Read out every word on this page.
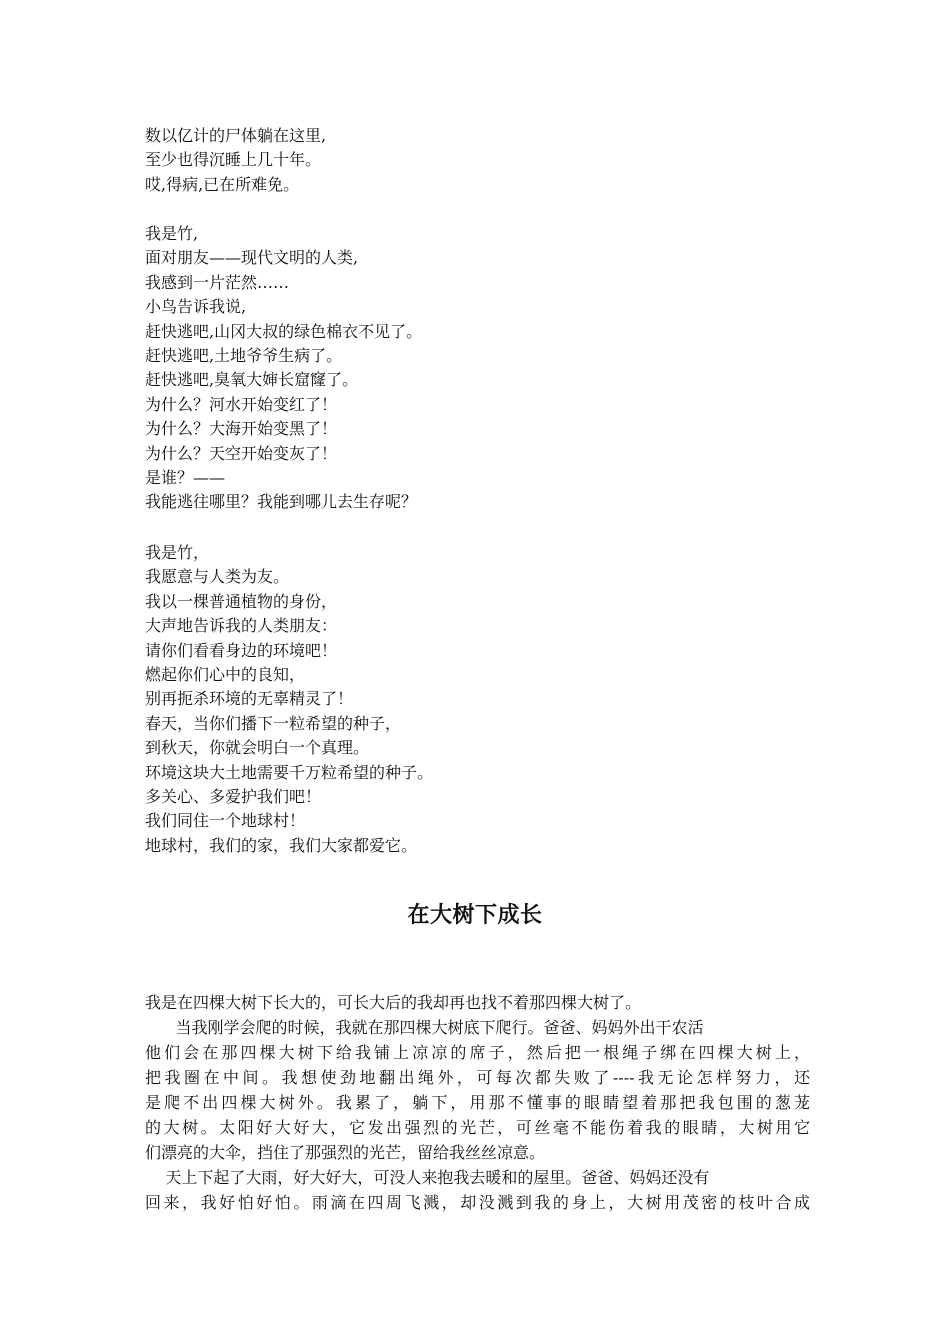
数以亿计的尸体躺在这里,
至少也得沉睡上几十年。
哎,得病,已在所难免。
我是竹,
面对朋友——现代文明的人类,
我感到一片茫然……
小鸟告诉我说,
赶快逃吧,山冈大叔的绿色棉衣不见了。
赶快逃吧,土地爷爷生病了。
赶快逃吧,臭氧大婶长窟窿了。
为什么？河水开始变红了！
为什么？大海开始变黑了！
为什么？天空开始变灰了！
是谁？——
我能逃往哪里？我能到哪儿去生存呢？
我是竹，
我愿意与人类为友。
我以一棵普通植物的身份，
大声地告诉我的人类朋友：
请你们看看身边的环境吧！
燃起你们心中的良知，
别再扼杀环境的无辜精灵了！
春天，当你们播下一粒希望的种子，
到秋天，你就会明白一个真理。
环境这块大土地需要千万粒希望的种子。
多关心、多爱护我们吧！
我们同住一个地球村！
地球村，我们的家，我们大家都爱它。
在大树下成长
我是在四棵大树下长大的，可长大后的我却再也找不着那四棵大树了。
当我刚学会爬的时候，我就在那四棵大树底下爬行。爸爸、妈妈外出干农活
他们会在那四棵大树下给我铺上凉凉的席子，然后把一根绳子绑在四棵大树上，
把我圈在中间。我想使劲地翻出绳外，可每次都失败了----我无论怎样努力，还
是爬不出四棵大树外。我累了，躺下，用那不懂事的眼睛望着那把我包围的葱茏
的大树。太阳好大好大，它发出强烈的光芒，可丝毫不能伤着我的眼睛，大树用它
们漂亮的大伞，挡住了那强烈的光芒，留给我丝丝凉意。
天上下起了大雨，好大好大，可没人来抱我去暖和的屋里。爸爸、妈妈还没有
回来，我好怕好怕。雨滴在四周飞溅，却没溅到我的身上，大树用茂密的枝叶合成
